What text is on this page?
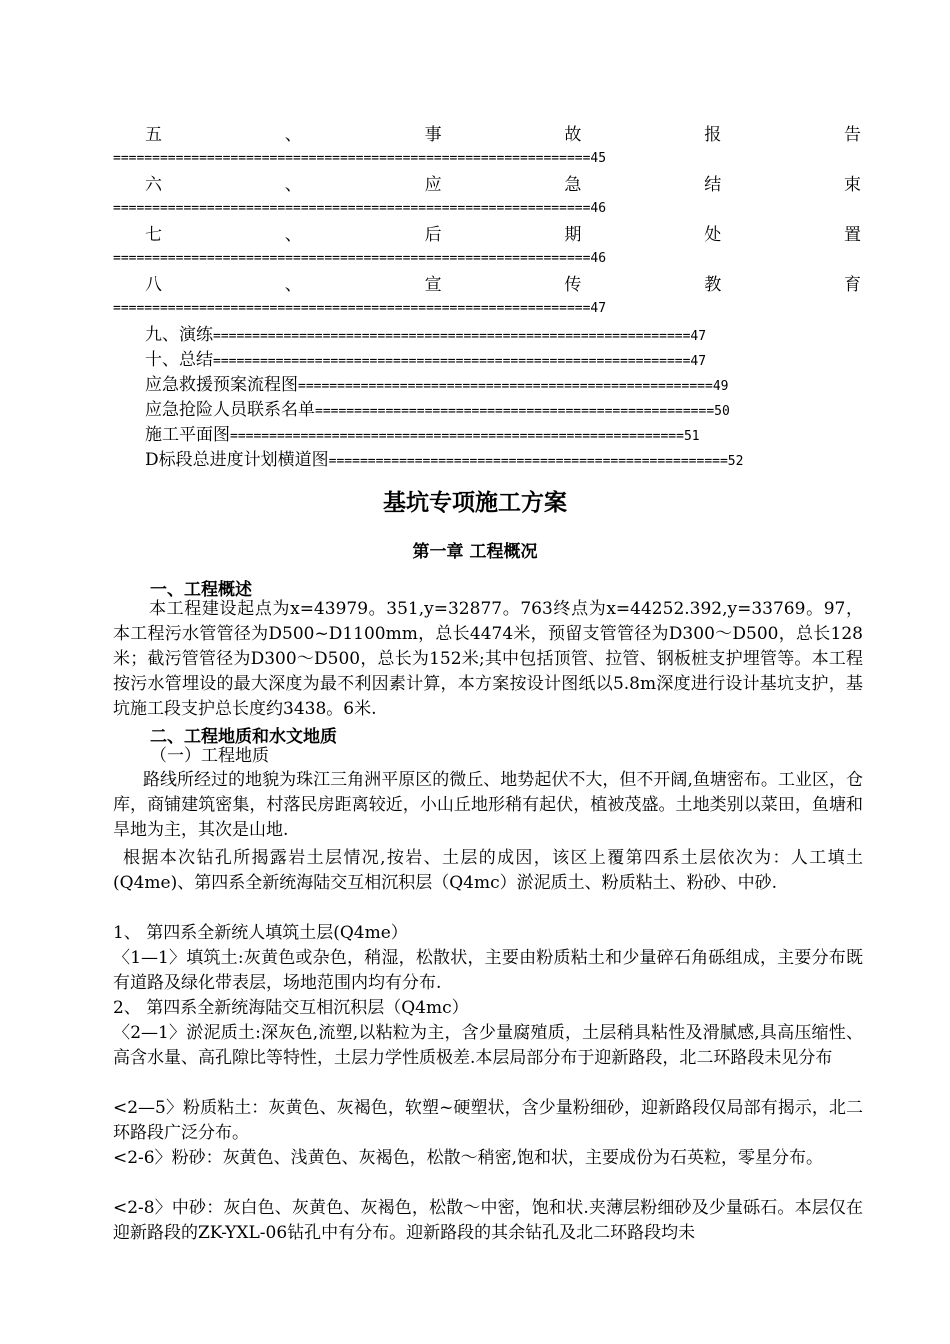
五	、	事	故	报	告
=============================================================45
六	、	应	急	结	束
=============================================================46
七	、	后	期	处	置
=============================================================46
八	、	宣	传	教	育
=============================================================47
九、演练=============================================================47
十、总结=============================================================47
应急救援预案流程图=====================================================49
应急抢险人员联系名单===================================================50
施工平面图==========================================================51
D标段总进度计划横道图===================================================52
基坑专项施工方案
第一章 工程概况
一、工程概述
本工程建设起点为x=43979。351,y=32877。763终点为x=44252.392,y=33769。97，本工程污水管管径为D500~D1100mm，总长4474米，预留支管管径为D300～D500，总长128米；截污管管径为D300～D500，总长为152米;其中包括顶管、拉管、钢板桩支护埋管等。本工程按污水管埋设的最大深度为最不利因素计算，本方案按设计图纸以5.8m深度进行设计基坑支护，基坑施工段支护总长度约3438。6米.
二、工程地质和水文地质
（一）工程地质
路线所经过的地貌为珠江三角洲平原区的微丘、地势起伏不大，但不开阔,鱼塘密布。工业区，仓库，商铺建筑密集，村落民房距离较近，小山丘地形稍有起伏，植被茂盛。土地类别以菜田，鱼塘和旱地为主，其次是山地.
根据本次钻孔所揭露岩土层情况,按岩、土层的成因，该区上覆第四系土层依次为：人工填土(Q4me)、第四系全新统海陆交互相沉积层（Q4mc）淤泥质土、粉质粘土、粉砂、中砂.
1、 第四系全新统人填筑土层(Q4me）
〈1—1〉填筑土:灰黄色或杂色，稍湿，松散状，主要由粉质粘土和少量碎石角砾组成，主要分布既有道路及绿化带表层，场地范围内均有分布.
2、 第四系全新统海陆交互相沉积层（Q4mc）
〈2—1〉淤泥质土:深灰色,流塑,以粘粒为主，含少量腐殖质，土层稍具粘性及滑腻感,具高压缩性、高含水量、高孔隙比等特性，土层力学性质极差.本层局部分布于迎新路段，北二环路段未见分布
<2—5〉粉质粘土：灰黄色、灰褐色，软塑~硬塑状，含少量粉细砂，迎新路段仅局部有揭示，北二环路段广泛分布。
<2-6〉粉砂：灰黄色、浅黄色、灰褐色，松散～稍密,饱和状，主要成份为石英粒，零星分布。
<2-8〉中砂：灰白色、灰黄色、灰褐色，松散～中密，饱和状.夹薄层粉细砂及少量砾石。本层仅在迎新路段的ZK-YXL-06钻孔中有分布。迎新路段的其余钻孔及北二环路段均未
